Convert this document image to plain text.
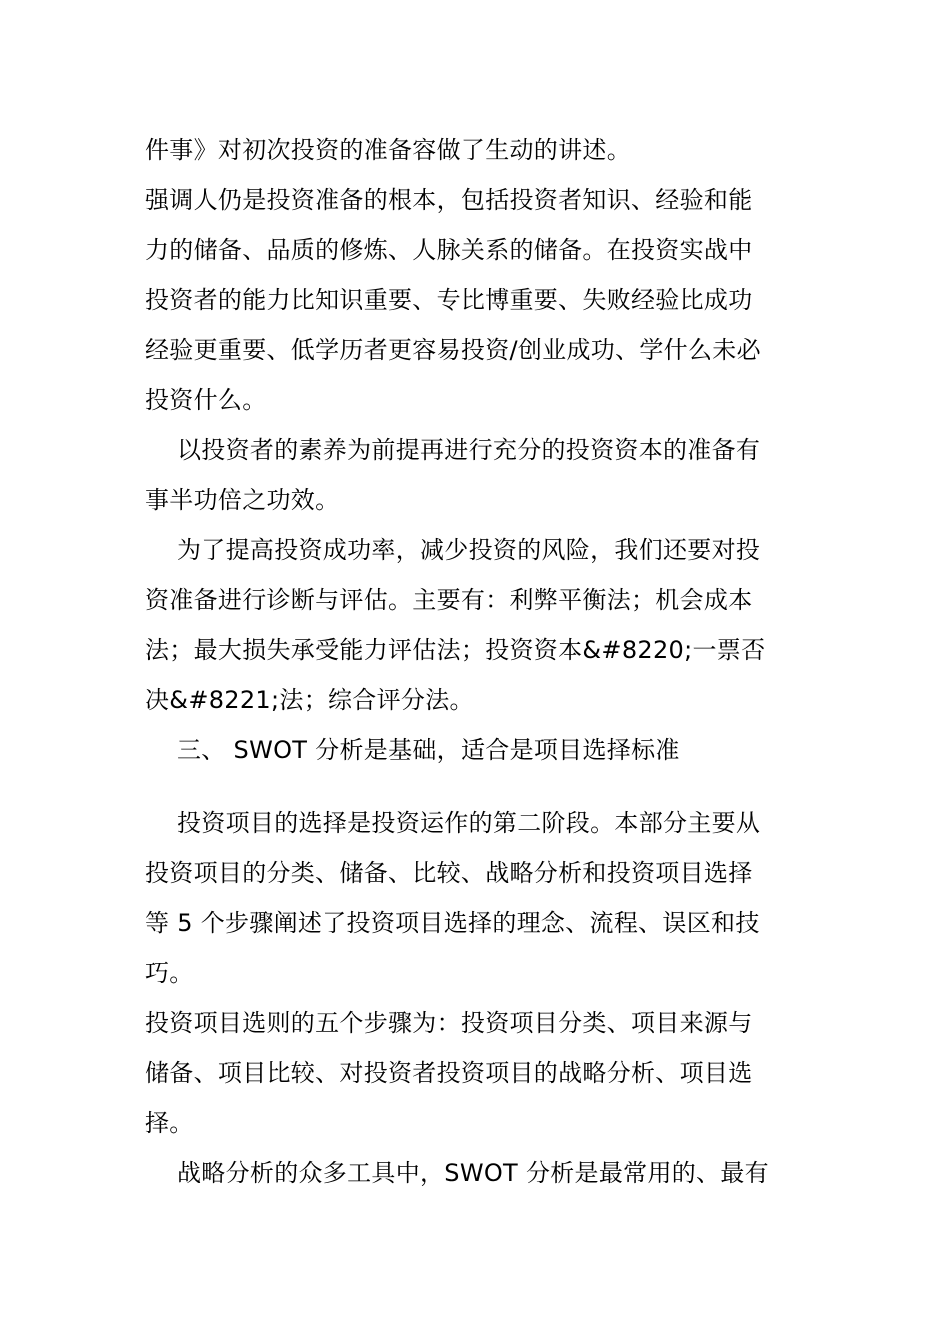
件事》对初次投资的准备容做了生动的讲述。
强调人仍是投资准备的根本，包括投资者知识、经验和能
力的储备、品质的修炼、人脉关系的储备。在投资实战中
投资者的能力比知识重要、专比博重要、失败经验比成功
经验更重要、低学历者更容易投资/创业成功、学什么未必
投资什么。
以投资者的素养为前提再进行充分的投资资本的准备有
事半功倍之功效。
为了提高投资成功率，减少投资的风险，我们还要对投
资准备进行诊断与评估。主要有：利弊平衡法；机会成本
法；最大损失承受能力评估法；投资资本&#8220;一票否
决&#8221;法；综合评分法。
三、 SWOT 分析是基础，适合是项目选择标准
投资项目的选择是投资运作的第二阶段。本部分主要从
投资项目的分类、储备、比较、战略分析和投资项目选择
等 5 个步骤阐述了投资项目选择的理念、流程、误区和技
巧。
投资项目选则的五个步骤为：投资项目分类、项目来源与
储备、项目比较、对投资者投资项目的战略分析、项目选
择。
战略分析的众多工具中，SWOT 分析是最常用的、最有
